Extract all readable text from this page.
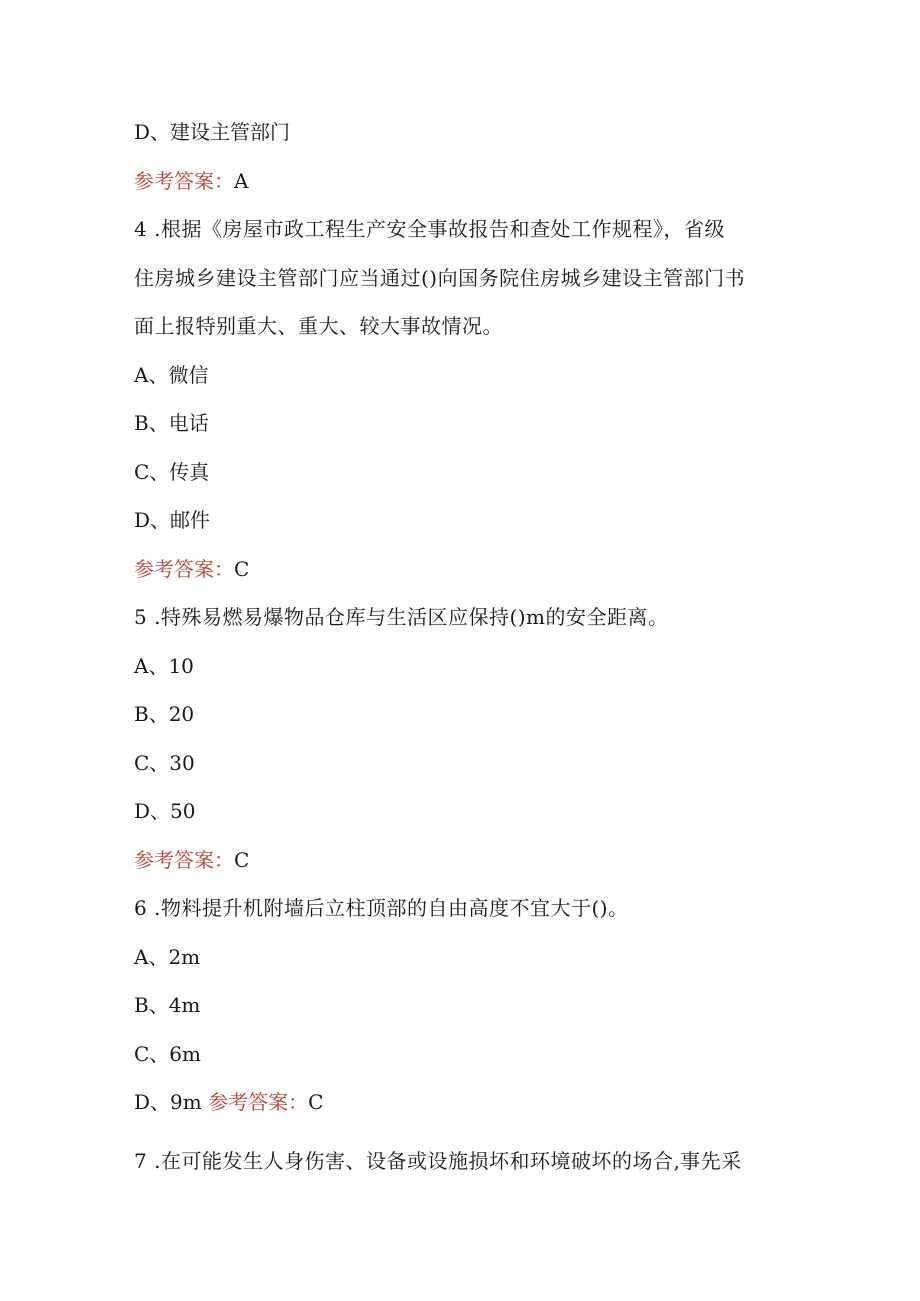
D、建设主管部门
参考答案：A
4 .根据《房屋市政工程生产安全事故报告和查处工作规程》，省级
住房城乡建设主管部门应当通过()向国务院住房城乡建设主管部门书
面上报特别重大、重大、较大事故情况。
A、微信
B、电话
C、传真
D、邮件
参考答案：C
5 .特殊易燃易爆物品仓库与生活区应保持()m的安全距离。
A、10
B、20
C、30
D、50
参考答案：C
6 .物料提升机附墙后立柱顶部的自由高度不宜大于()。
A、2m
B、4m
C、6m
D、9m 参考答案：C
7 .在可能发生人身伤害、设备或设施损坏和环境破坏的场合,事先采
